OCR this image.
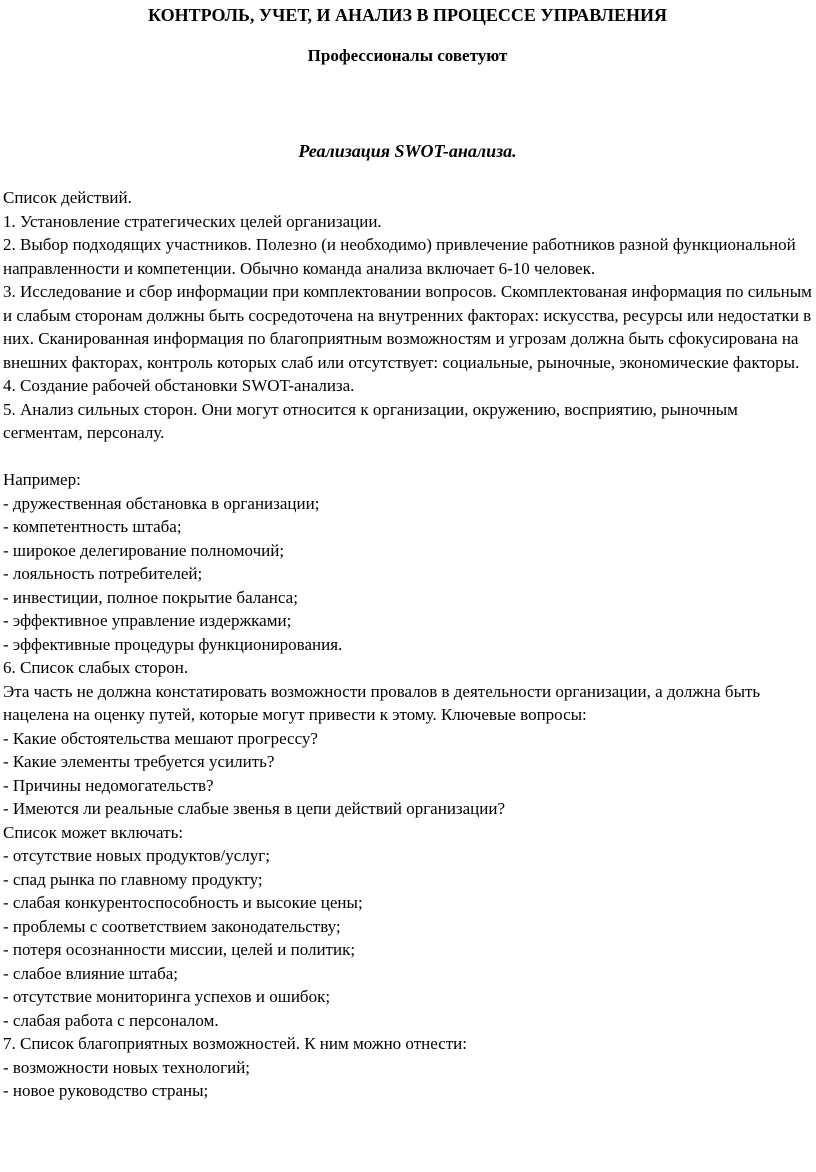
КОНТРОЛЬ, УЧЕТ, И АНАЛИЗ В ПРОЦЕССЕ УПРАВЛЕНИЯ

Профессионалы советуют

Реализация SWOT-анализа.

Список действий.

1. Установление стратегических целей организации.

2. Выбор подходящих участников. Полезно (и необходимо) привлечение работников разной функциональной направленности и компетенции. Обычно команда анализа включает 6-10 человек.

3. Исследование и сбор информации при комплектовании вопросов. Скомплектованая информация по сильным и слабым сторонам должны быть сосредоточена на внутренних факторах: искусства, ресурсы или недостатки в них. Сканированная информация по благоприятным возможностям и угрозам должна быть сфокусирована на внешних факторах, контроль которых слаб или отсутствует: социальные, рыночные, экономические факторы.

4. Создание рабочей обстановки SWOT-анализа.

5. Анализ сильных сторон. Они могут относится к организации, окружению, восприятию, рыночным сегментам, персоналу.

Например:

- дружественная обстановка в организации;

- компетентность штаба;

- широкое делегирование полномочий;

- лояльность потребителей;

- инвестиции, полное покрытие баланса;

- эффективное управление издержками;

- эффективные процедуры функционирования.

6. Список слабых сторон.

Эта часть не должна констатировать возможности провалов в деятельности организации, а должна быть нацелена на оценку путей, которые могут привести к этому. Ключевые вопросы:

- Какие обстоятельства мешают прогрессу?

- Какие элементы требуется усилить?

- Причины недомогательств?

- Имеются ли реальные слабые звенья в цепи действий организации?

Список может включать:

- отсутствие новых продуктов/услуг;

- спад рынка по главному продукту;

- слабая конкурентоспособность и высокие цены;

- проблемы с соответствием законодательству;

- потеря осознанности миссии, целей и политик;

- слабое влияние штаба;

- отсутствие мониторинга успехов и ошибок;

- слабая работа с персоналом.

7. Список благоприятных возможностей. К ним можно отнести:

- возможности новых технологий;

- новое руководство страны;
